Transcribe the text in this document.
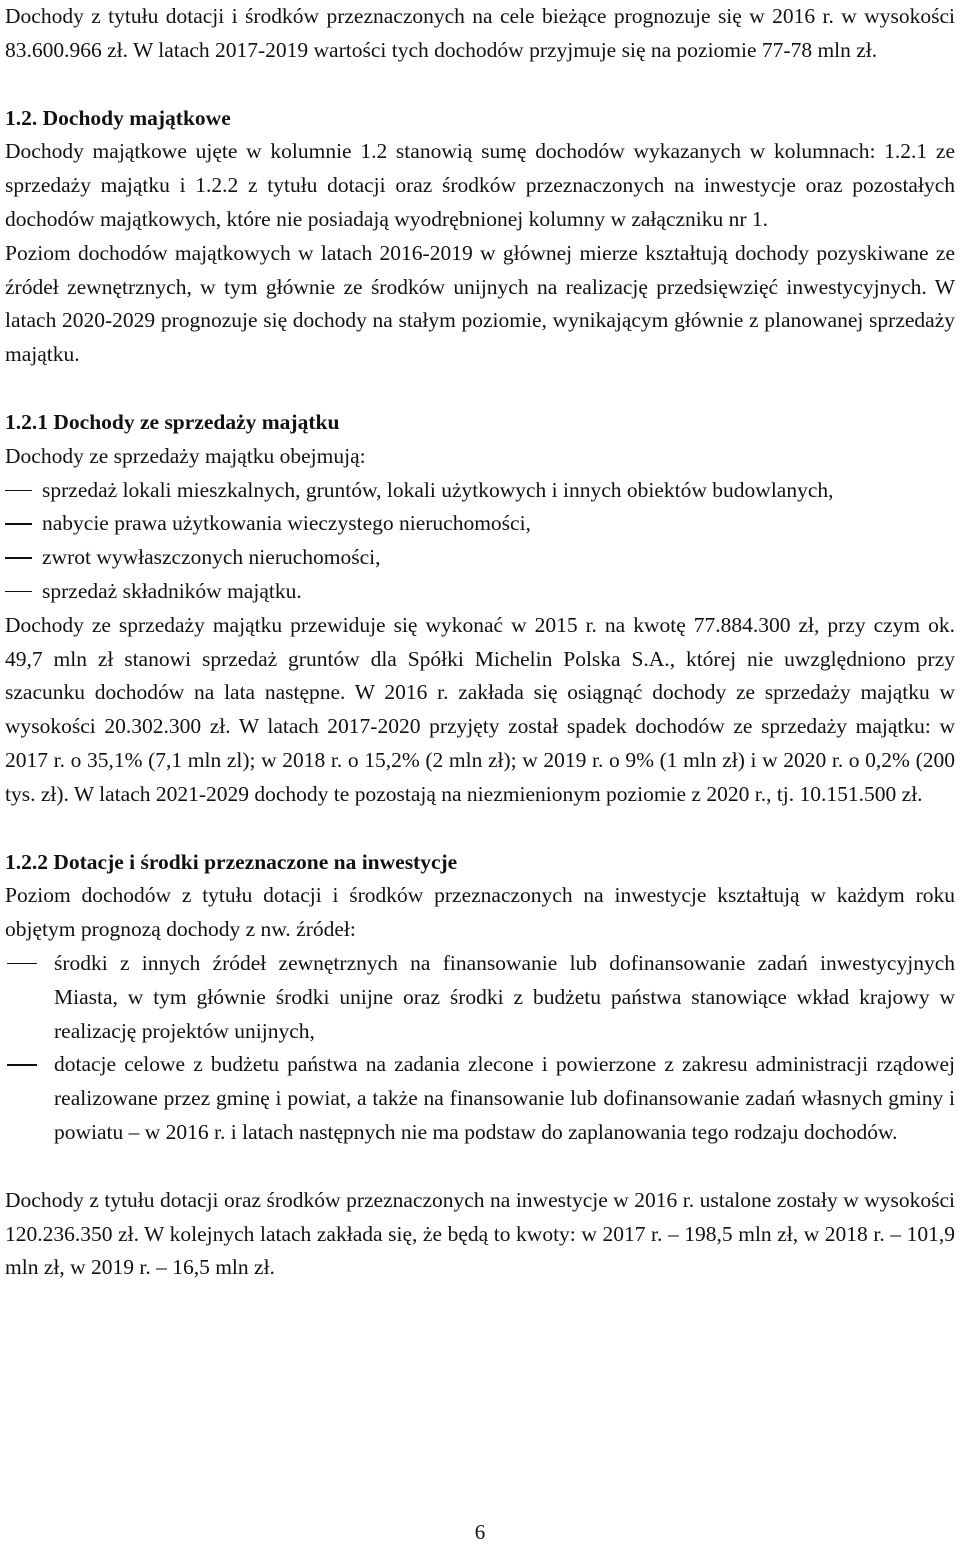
Dochody z tytułu dotacji i środków przeznaczonych na cele bieżące prognozuje się w 2016 r. w wysokości 83.600.966 zł. W latach 2017-2019 wartości tych dochodów przyjmuje się na poziomie 77-78 mln zł.

1.2. Dochody majątkowe

Dochody majątkowe ujęte w kolumnie 1.2 stanowią sumę dochodów wykazanych w kolumnach: 1.2.1 ze sprzedaży majątku i 1.2.2 z tytułu dotacji oraz środków przeznaczonych na inwestycje oraz pozostałych dochodów majątkowych, które nie posiadają wyodrębnionej kolumny w załączniku nr 1.

Poziom dochodów majątkowych w latach 2016-2019 w głównej mierze kształtują dochody pozyskiwane ze źródeł zewnętrznych, w tym głównie ze środków unijnych na realizację przedsięwzięć inwestycyjnych. W latach 2020-2029 prognozuje się dochody na stałym poziomie, wynikającym głównie z planowanej sprzedaży majątku.

1.2.1 Dochody ze sprzedaży majątku

Dochody ze sprzedaży majątku obejmują:

sprzedaż lokali mieszkalnych, gruntów, lokali użytkowych i innych obiektów budowlanych,
nabycie prawa użytkowania wieczystego nieruchomości,
zwrot wywłaszczonych nieruchomości,
sprzedaż składników majątku.

Dochody ze sprzedaży majątku przewiduje się wykonać w 2015 r. na kwotę 77.884.300 zł, przy czym ok. 49,7 mln zł stanowi sprzedaż gruntów dla Spółki Michelin Polska S.A., której nie uwzględniono przy szacunku dochodów na lata następne. W 2016 r. zakłada się osiągnąć dochody ze sprzedaży majątku w wysokości 20.302.300 zł. W latach 2017-2020 przyjęty został spadek dochodów ze sprzedaży majątku: w 2017 r. o 35,1% (7,1 mln zl); w 2018 r. o 15,2% (2 mln zł); w 2019 r. o 9% (1 mln zł) i w 2020 r. o 0,2% (200 tys. zł). W latach 2021-2029 dochody te pozostają na niezmienionym poziomie z 2020 r., tj. 10.151.500 zł.

1.2.2 Dotacje i środki przeznaczone na inwestycje

Poziom dochodów z tytułu dotacji i środków przeznaczonych na inwestycje kształtują w każdym roku objętym prognozą dochody z nw. źródeł:

środki z innych źródeł zewnętrznych na finansowanie lub dofinansowanie zadań inwestycyjnych Miasta, w tym głównie środki unijne oraz środki z budżetu państwa stanowiące wkład krajowy w realizację projektów unijnych,
dotacje celowe z budżetu państwa na zadania zlecone i powierzone z zakresu administracji rządowej realizowane przez gminę i powiat, a także na finansowanie lub dofinansowanie zadań własnych gminy i powiatu – w 2016 r. i latach następnych nie ma podstaw do zaplanowania tego rodzaju dochodów.

Dochody z tytułu dotacji oraz środków przeznaczonych na inwestycje w 2016 r. ustalone zostały w wysokości 120.236.350 zł. W kolejnych latach zakłada się, że będą to kwoty: w 2017 r. – 198,5 mln zł, w 2018 r. – 101,9 mln zł, w 2019 r. – 16,5 mln zł.

6
